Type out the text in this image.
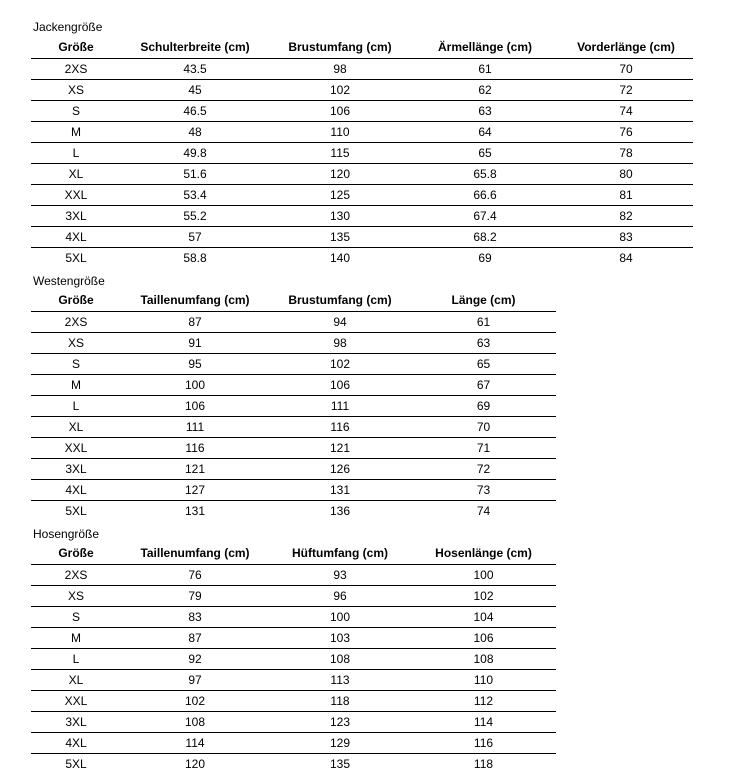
Jackengröße
Größe	Schulterbreite (cm)	Brustumfang (cm)	Ärmellänge (cm)	Vorderlänge (cm)
2XS	43.5	98	61	70
XS	45	102	62	72
S	46.5	106	63	74
M	48	110	64	76
L	49.8	115	65	78
XL	51.6	120	65.8	80
XXL	53.4	125	66.6	81
3XL	55.2	130	67.4	82
4XL	57	135	68.2	83
5XL	58.8	140	69	84
Westengröße
Größe	Taillenumfang (cm)	Brustumfang (cm)	Länge (cm)
2XS	87	94	61
XS	91	98	63
S	95	102	65
M	100	106	67
L	106	111	69
XL	111	116	70
XXL	116	121	71
3XL	121	126	72
4XL	127	131	73
5XL	131	136	74
Hosengröße
Größe	Taillenumfang (cm)	Hüftumfang (cm)	Hosenlänge (cm)
2XS	76	93	100
XS	79	96	102
S	83	100	104
M	87	103	106
L	92	108	108
XL	97	113	110
XXL	102	118	112
3XL	108	123	114
4XL	114	129	116
5XL	120	135	118
